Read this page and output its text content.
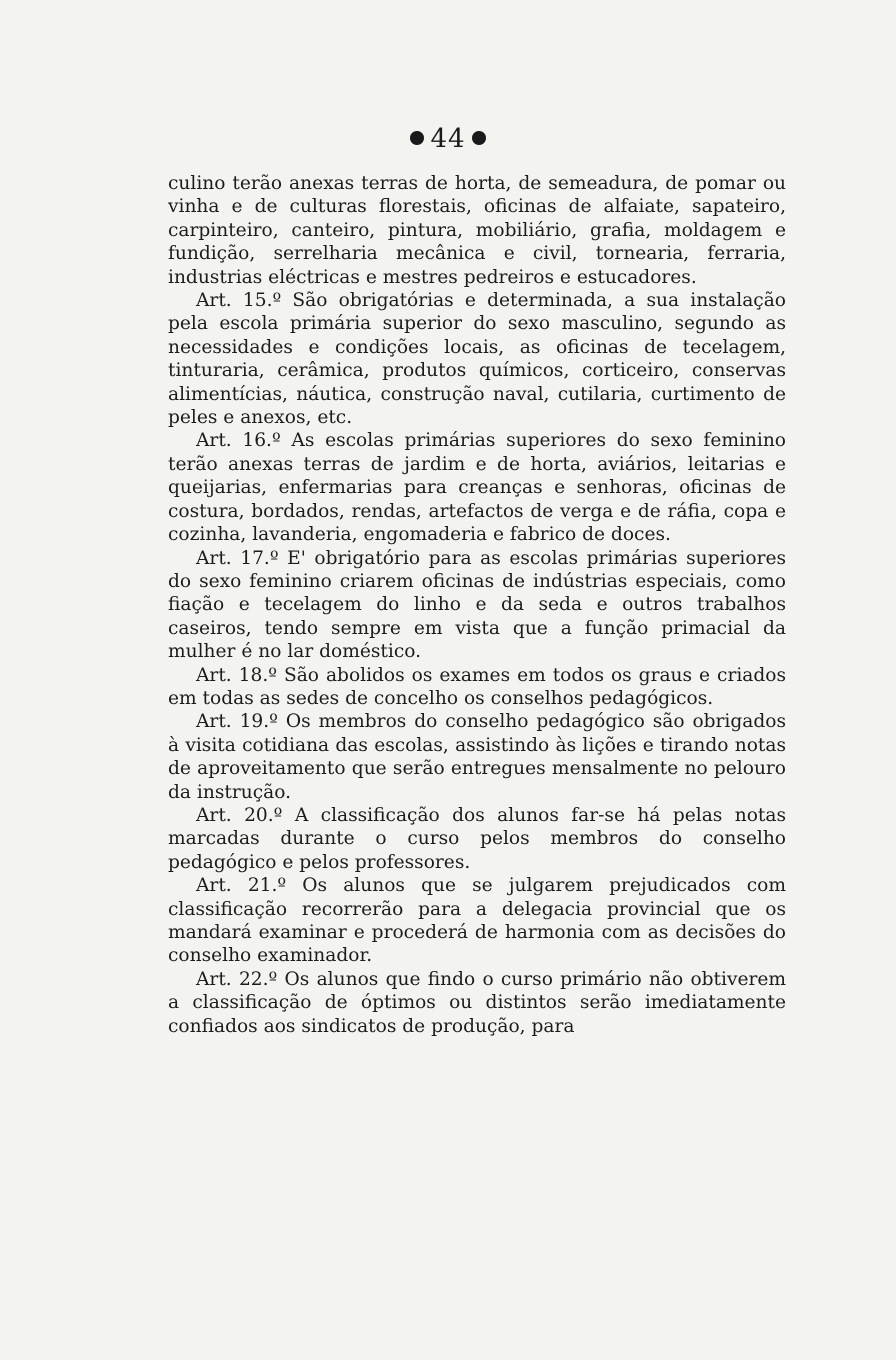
44

culino terão anexas terras de horta, de semeadura, de pomar ou vinha e de culturas florestais, oficinas de alfaiate, sapateiro, carpinteiro, canteiro, pintura, mobiliário, grafia, moldagem e fundição, serrelharia mecânica e civil, tornearia, ferraria, industrias eléctricas e mestres pedreiros e estucadores.

Art. 15.º São obrigatórias e determinada, a sua instalação pela escola primária superior do sexo masculino, segundo as necessidades e condições locais, as oficinas de tecelagem, tinturaria, cerâmica, produtos químicos, corticeiro, conservas alimentícias, náutica, construção naval, cutilaria, curtimento de peles e anexos, etc.

Art. 16.º As escolas primárias superiores do sexo feminino terão anexas terras de jardim e de horta, aviários, leitarias e queijarias, enfermarias para creanças e senhoras, oficinas de costura, bordados, rendas, artefactos de verga e de ráfia, copa e cozinha, lavanderia, engomaderia e fabrico de doces.

Art. 17.º E' obrigatório para as escolas primárias superiores do sexo feminino criarem oficinas de indústrias especiais, como fiação e tecelagem do linho e da seda e outros trabalhos caseiros, tendo sempre em vista que a função primacial da mulher é no lar doméstico.

Art. 18.º São abolidos os exames em todos os graus e criados em todas as sedes de concelho os conselhos pedagógicos.

Art. 19.º Os membros do conselho pedagógico são obrigados à visita cotidiana das escolas, assistindo às lições e tirando notas de aproveitamento que serão entregues mensalmente no pelouro da instrução.

Art. 20.º A classificação dos alunos far-se há pelas notas marcadas durante o curso pelos membros do conselho pedagógico e pelos professores.

Art. 21.º Os alunos que se julgarem prejudicados com classificação recorrerão para a delegacia provincial que os mandará examinar e procederá de harmonia com as decisões do conselho examinador.

Art. 22.º Os alunos que findo o curso primário não obtiverem a classificação de óptimos ou distintos serão imediatamente confiados aos sindicatos de produção, para
